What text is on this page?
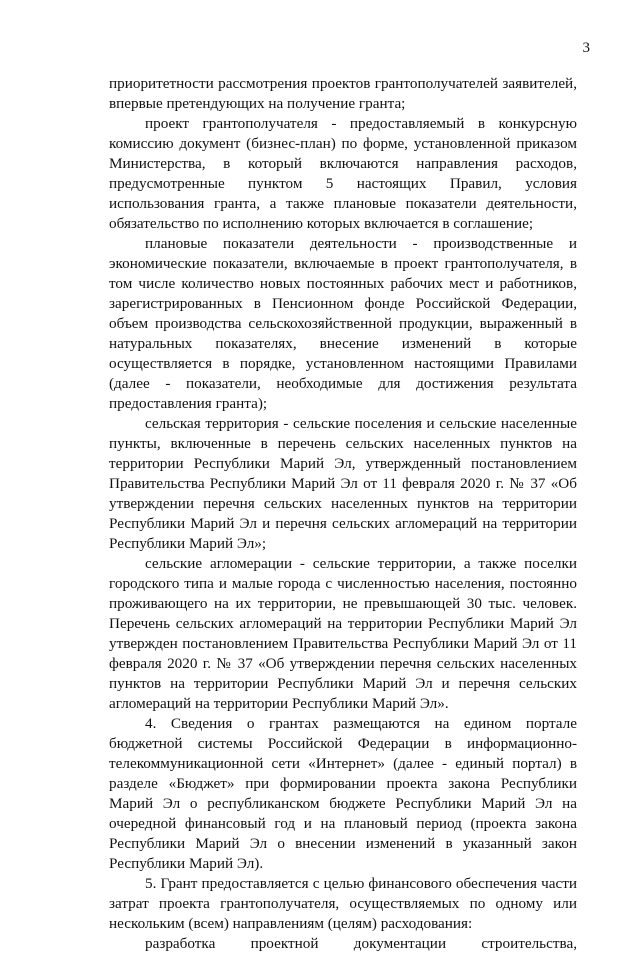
3

приоритетности рассмотрения проектов грантополучателей заявителей, впервые претендующих на получение гранта;

проект грантополучателя - предоставляемый в конкурсную комиссию документ (бизнес-план) по форме, установленной приказом Министерства, в который включаются направления расходов, предусмотренные пунктом 5 настоящих Правил, условия использования гранта, а также плановые показатели деятельности, обязательство по исполнению которых включается в соглашение;

плановые показатели деятельности - производственные и экономические показатели, включаемые в проект грантополучателя, в том числе количество новых постоянных рабочих мест и работников, зарегистрированных в Пенсионном фонде Российской Федерации, объем производства сельскохозяйственной продукции, выраженный в натуральных показателях, внесение изменений в которые осуществляется в порядке, установленном настоящими Правилами (далее - показатели, необходимые для достижения результата предоставления гранта);

сельская территория - сельские поселения и сельские населенные пункты, включенные в перечень сельских населенных пунктов на территории Республики Марий Эл, утвержденный постановлением Правительства Республики Марий Эл от 11 февраля 2020 г. № 37 «Об утверждении перечня сельских населенных пунктов на территории Республики Марий Эл и перечня сельских агломераций на территории Республики Марий Эл»;

сельские агломерации - сельские территории, а также поселки городского типа и малые города с численностью населения, постоянно проживающего на их территории, не превышающей 30 тыс. человек. Перечень сельских агломераций на территории Республики Марий Эл утвержден постановлением Правительства Республики Марий Эл от 11 февраля 2020 г. № 37 «Об утверждении перечня сельских населенных пунктов на территории Республики Марий Эл и перечня сельских агломераций на территории Республики Марий Эл».

4. Сведения о грантах размещаются на едином портале бюджетной системы Российской Федерации в информационно-телекоммуникационной сети «Интернет» (далее - единый портал) в разделе «Бюджет» при формировании проекта закона Республики Марий Эл о республиканском бюджете Республики Марий Эл на очередной финансовый год и на плановый период (проекта закона Республики Марий Эл о внесении изменений в указанный закон Республики Марий Эл).

5. Грант предоставляется с целью финансового обеспечения части затрат проекта грантополучателя, осуществляемых по одному или нескольким (всем) направлениям (целям) расходования:

разработка проектной документации строительства,
